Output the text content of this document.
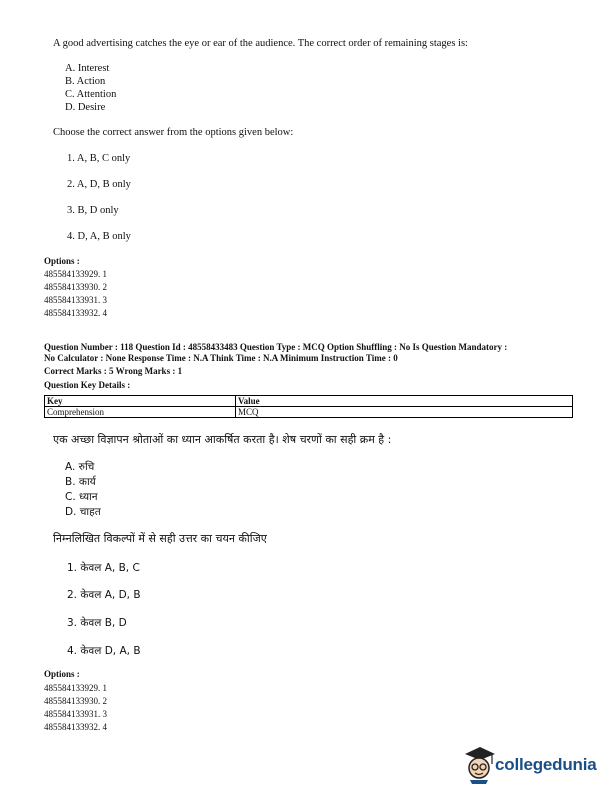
A good advertising catches the eye or ear of the audience. The correct order of remaining stages is:
A. Interest
B. Action
C. Attention
D. Desire
Choose the correct answer from the options given below:
1. A, B, C only
2. A, D, B only
3. B, D only
4. D, A, B only
Options :
485584133929. 1
485584133930. 2
485584133931. 3
485584133932. 4
Question Number : 118 Question Id : 48558433483 Question Type : MCQ Option Shuffling : No Is Question Mandatory :
No Calculator : None Response Time : N.A Think Time : N.A Minimum Instruction Time : 0
Correct Marks : 5 Wrong Marks : 1
Question Key Details :
Key	Value
Comprehension	MCQ
एक अच्छा विज्ञापन श्रोताओं का ध्यान आकर्षित करता है। शेष चरणों का सही क्रम है :
A. रुचि
B. कार्य
C. ध्यान
D. चाहत
निम्नलिखित विकल्पों में से सही उत्तर का चयन कीजिए
1. केवल A, B, C
2. केवल A, D, B
3. केवल B, D
4. केवल D, A, B
Options :
485584133929. 1
485584133930. 2
485584133931. 3
485584133932. 4
collegedunia
